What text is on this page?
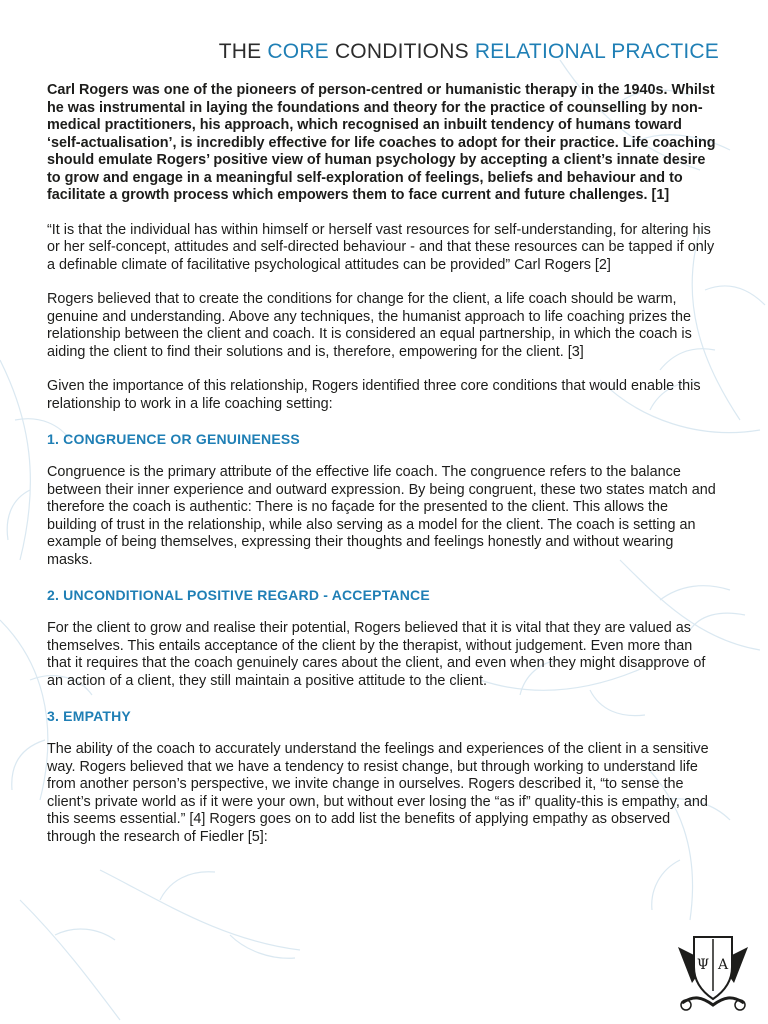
THE CORE CONDITIONS RELATIONAL PRACTICE

Carl Rogers was one of the pioneers of person-centred or humanistic therapy in the 1940s. Whilst he was instrumental in laying the foundations and theory for the practice of counselling by non-medical practitioners, his approach, which recognised an inbuilt tendency of humans toward ‘self-actualisation’, is incredibly effective for life coaches to adopt for their practice. Life coaching should emulate Rogers’ positive view of human psychology by accepting a client’s innate desire to grow and engage in a meaningful self-exploration of feelings, beliefs and behaviour and to facilitate a growth process which empowers them to face current and future challenges. [1]

“It is that the individual has within himself or herself vast resources for self-understanding, for altering his or her self-concept, attitudes and self-directed behaviour - and that these resources can be tapped if only a definable climate of facilitative psychological attitudes can be provided” Carl Rogers [2]

Rogers believed that to create the conditions for change for the client, a life coach should be warm, genuine and understanding. Above any techniques, the humanist approach to life coaching prizes the relationship between the client and coach. It is considered an equal partnership, in which the coach is aiding the client to find their solutions and is, therefore, empowering for the client. [3]

Given the importance of this relationship, Rogers identified three core conditions that would enable this relationship to work in a life coaching setting:

1. CONGRUENCE OR GENUINENESS

Congruence is the primary attribute of the effective life coach. The congruence refers to the balance between their inner experience and outward expression. By being congruent, these two states match and therefore the coach is authentic: There is no façade for the presented to the client. This allows the building of trust in the relationship, while also serving as a model for the client. The coach is setting an example of being themselves, expressing their thoughts and feelings honestly and without wearing masks.

2. UNCONDITIONAL POSITIVE REGARD - ACCEPTANCE

For the client to grow and realise their potential, Rogers believed that it is vital that they are valued as themselves. This entails acceptance of the client by the therapist, without judgement. Even more than that it requires that the coach genuinely cares about the client, and even when they might disapprove of an action of a client, they still maintain a positive attitude to the client.

3. EMPATHY

The ability of the coach to accurately understand the feelings and experiences of the client in a sensitive way. Rogers believed that we have a tendency to resist change, but through working to understand life from another person’s perspective, we invite change in ourselves. Rogers described it, “to sense the client’s private world as if it were your own, but without ever losing the “as if” quality-this is empathy, and this seems essential.” [4] Rogers goes on to add list the benefits of applying empathy as observed through the research of Fiedler [5]:

Ψ A
